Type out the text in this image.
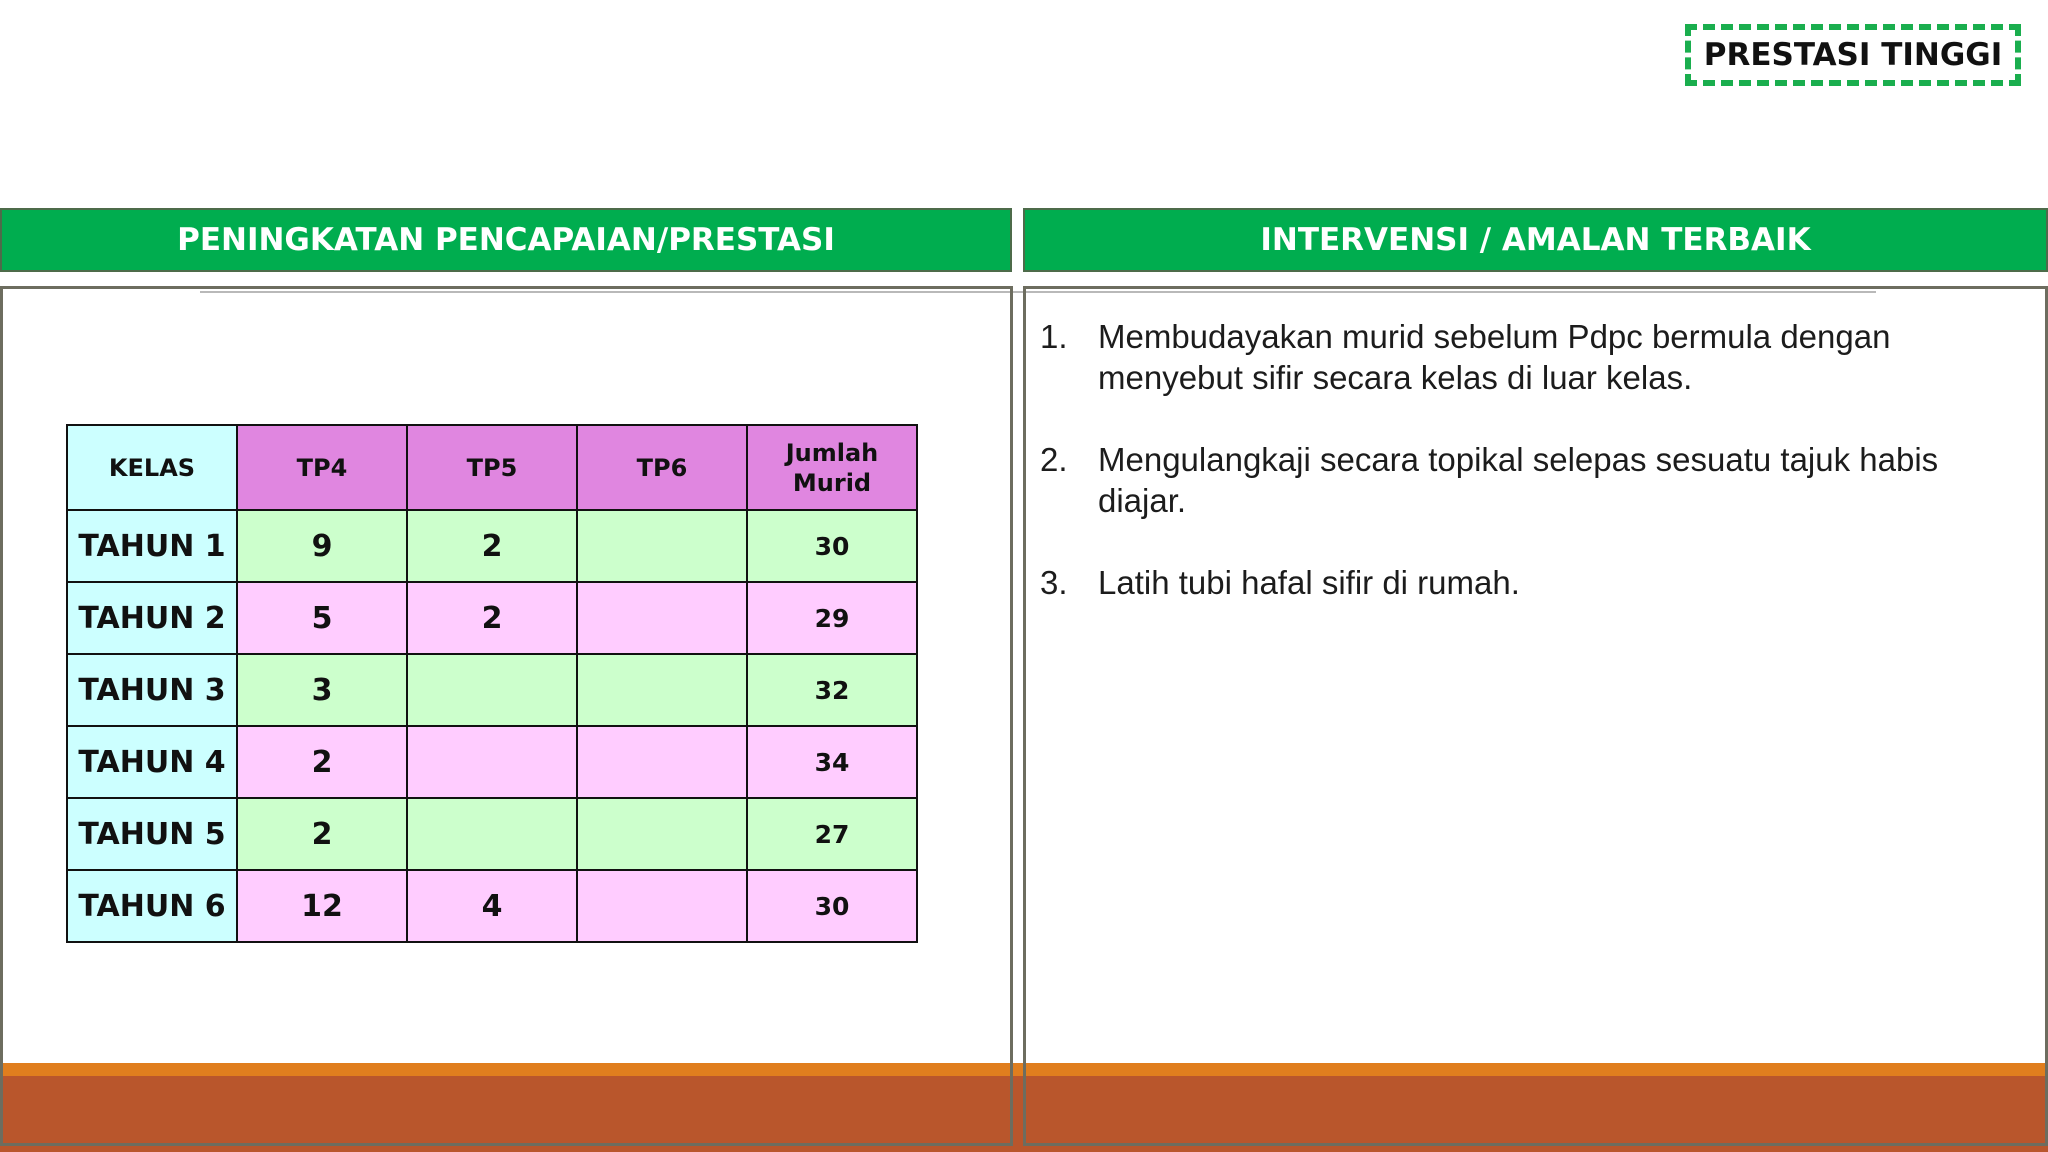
PRESTASI TINGGI
PENINGKATAN PENCAPAIAN/PRESTASI	INTERVENSI / AMALAN TERBAIK
KELAS	TP4	TP5	TP6	Jumlah Murid
TAHUN 1	9	2		30
TAHUN 2	5	2		29
TAHUN 3	3			32
TAHUN 4	2			34
TAHUN 5	2			27
TAHUN 6	12	4		30
1. Membudayakan murid sebelum Pdpc bermula dengan menyebut sifir secara kelas di luar kelas.
2. Mengulangkaji secara topikal selepas sesuatu tajuk habis diajar.
3. Latih tubi hafal sifir di rumah.
